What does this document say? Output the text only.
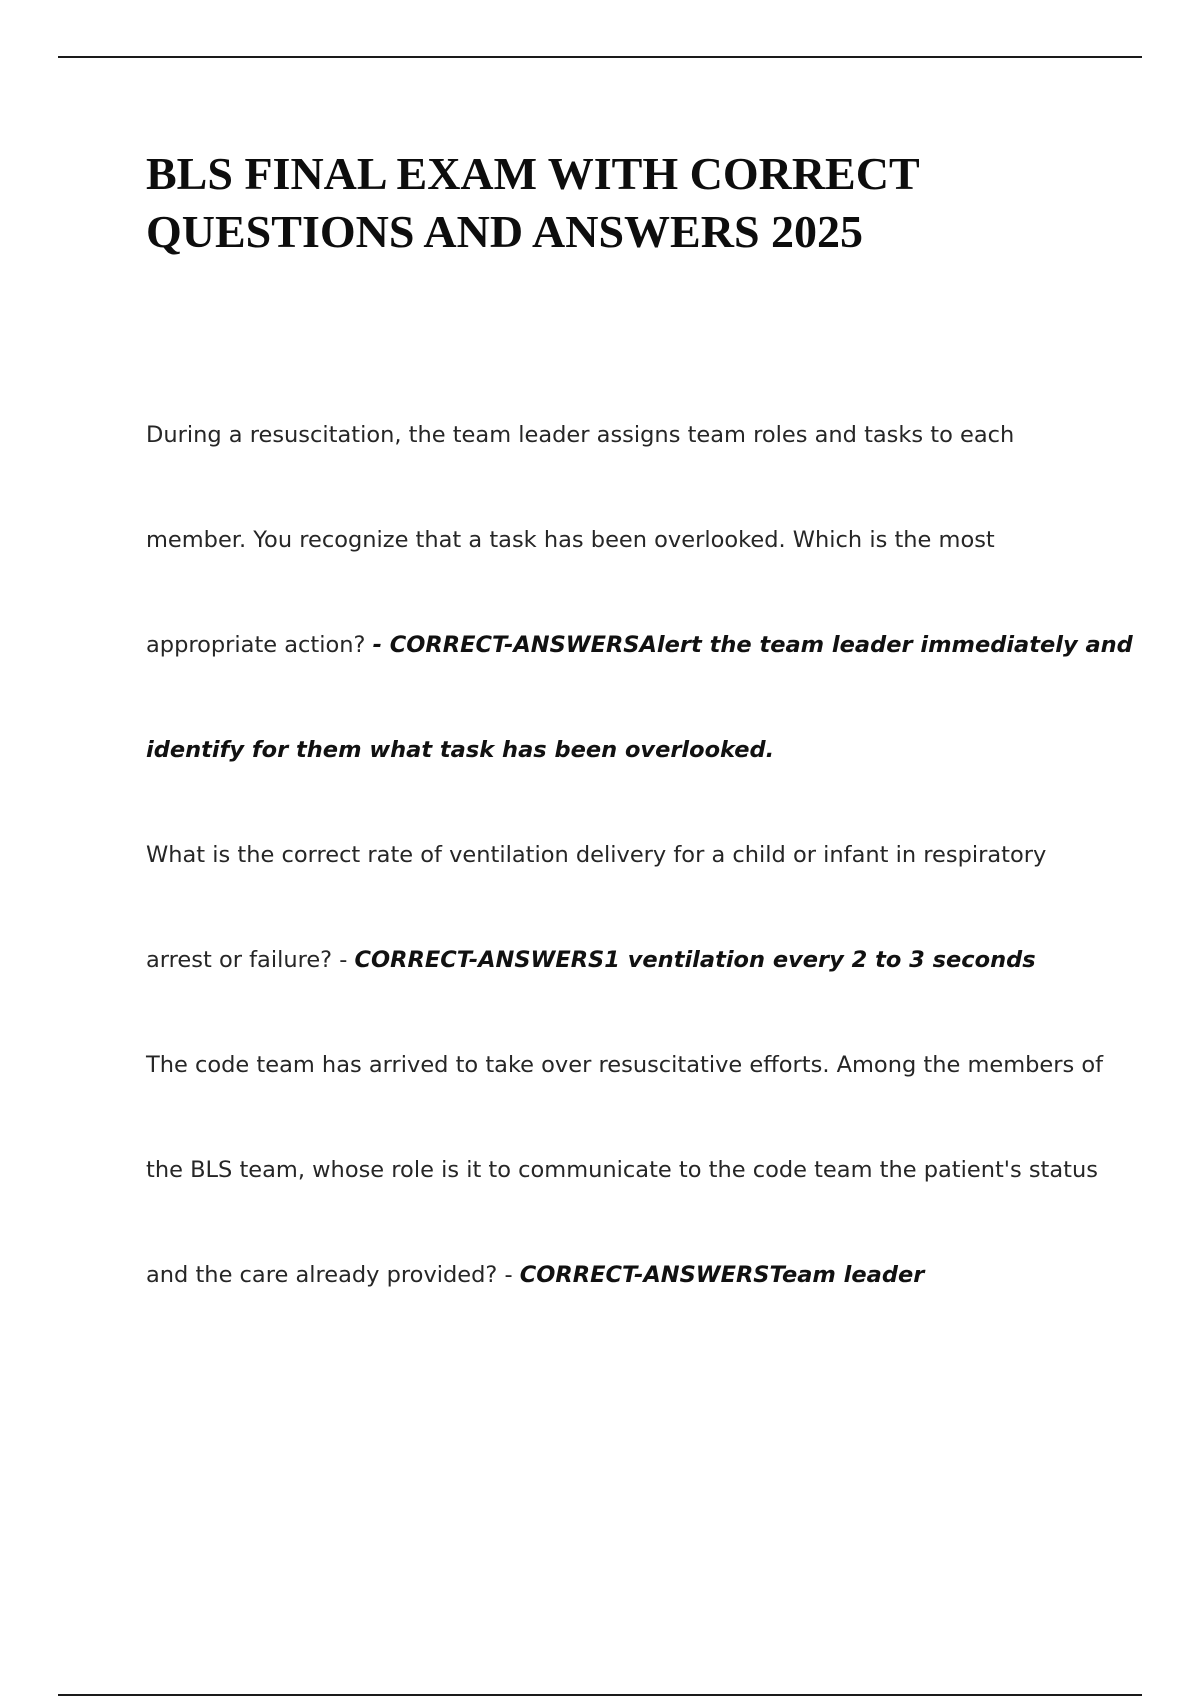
BLS FINAL EXAM WITH CORRECT
QUESTIONS AND ANSWERS 2025
During a resuscitation, the team leader assigns team roles and tasks to each
member. You recognize that a task has been overlooked. Which is the most
appropriate action? - CORRECT-ANSWERSAlert the team leader immediately and
identify for them what task has been overlooked.
What is the correct rate of ventilation delivery for a child or infant in respiratory
arrest or failure? - CORRECT-ANSWERS1 ventilation every 2 to 3 seconds
The code team has arrived to take over resuscitative efforts. Among the members of
the BLS team, whose role is it to communicate to the code team the patient's status
and the care already provided? - CORRECT-ANSWERSTeam leader
